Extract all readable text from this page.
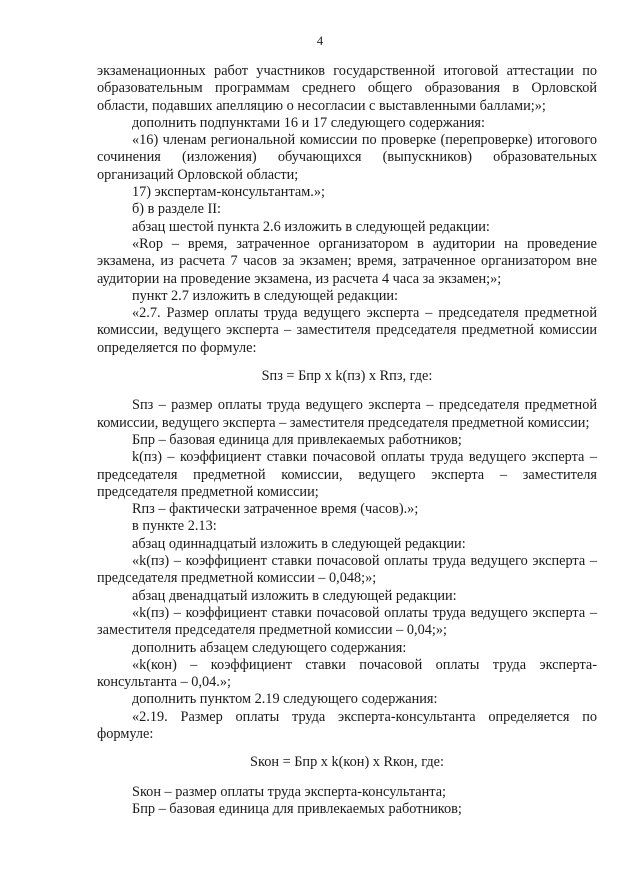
4

экзаменационных работ участников государственной итоговой аттестации по образовательным программам среднего общего образования в Орловской области, подавших апелляцию о несогласии с выставленными баллами;»;

дополнить подпунктами 16 и 17 следующего содержания:

«16) членам региональной комиссии по проверке (перепроверке) итогового сочинения (изложения) обучающихся (выпускников) образовательных организаций Орловской области;

17) экспертам-консультантам.»;

б) в разделе II:

абзац шестой пункта 2.6 изложить в следующей редакции:

«Rop – время, затраченное организатором в аудитории на проведение экзамена, из расчета 7 часов за экзамен; время, затраченное организатором вне аудитории на проведение экзамена, из расчета 4 часа за экзамен;»;

пункт 2.7 изложить в следующей редакции:

«2.7. Размер оплаты труда ведущего эксперта – председателя предметной комиссии, ведущего эксперта – заместителя председателя предметной комиссии определяется по формуле:

Sпз = Бпр x k(пз) x Rпз, где:

Sпз – размер оплаты труда ведущего эксперта – председателя предметной комиссии, ведущего эксперта – заместителя председателя предметной комиссии;

Бпр – базовая единица для привлекаемых работников;

k(пз) – коэффициент ставки почасовой оплаты труда ведущего эксперта – председателя предметной комиссии, ведущего эксперта – заместителя председателя предметной комиссии;

Rпз – фактически затраченное время (часов).»;

в пункте 2.13:

абзац одиннадцатый изложить в следующей редакции:

«k(пз) – коэффициент ставки почасовой оплаты труда ведущего эксперта – председателя предметной комиссии – 0,048;»;

абзац двенадцатый изложить в следующей редакции:

«k(пз) – коэффициент ставки почасовой оплаты труда ведущего эксперта – заместителя председателя предметной комиссии – 0,04;»;

дополнить абзацем следующего содержания:

«k(кон) – коэффициент ставки почасовой оплаты труда эксперта-консультанта – 0,04.»;

дополнить пунктом 2.19 следующего содержания:

«2.19. Размер оплаты труда эксперта-консультанта определяется по формуле:

Sкон = Бпр x k(кон) x Rкон, где:

Sкон – размер оплаты труда эксперта-консультанта;

Бпр – базовая единица для привлекаемых работников;
